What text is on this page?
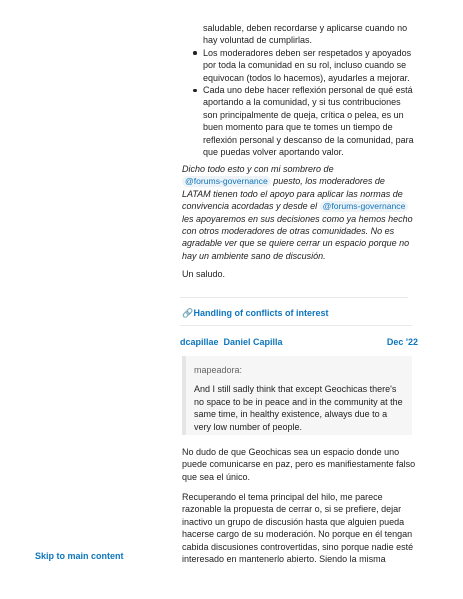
saludable, deben recordarse y aplicarse cuando no hay voluntad de cumplirlas.
Los moderadores deben ser respetados y apoyados por toda la comunidad en su rol, incluso cuando se equivocan (todos lo hacemos), ayudarles a mejorar.
Cada uno debe hacer reflexión personal de qué está aportando a la comunidad, y si tus contribuciones son principalmente de queja, crítica o pelea, es un buen momento para que te tomes un tiempo de reflexión personal y descanso de la comunidad, para que puedas volver aportando valor.

Dicho todo esto y con mi sombrero de
@forums-governance puesto, los moderadores de LATAM tienen todo el apoyo para aplicar las normas de convivencia acordadas y desde el @forums-governance les apoyaremos en sus decisiones como ya hemos hecho con otros moderadores de otras comunidades. No es agradable ver que se quiere cerrar un espacio porque no hay un ambiente sano de discusión.

Un saludo.

🔗 Handling of conflicts of interest
dcapillae Daniel Capilla	Dec '22
mapeadora:
And I still sadly think that except Geochicas there's no space to be in peace and in the community at the same time, in healthy existence, always due to a very low number of people.

No dudo de que Geochicas sea un espacio donde uno puede comunicarse en paz, pero es manifiestamente falso que sea el único.

Recuperando el tema principal del hilo, me parece razonable la propuesta de cerrar o, si se prefiere, dejar inactivo un grupo de discusión hasta que alguien pueda hacerse cargo de su moderación. No porque en él tengan cabida discusiones controvertidas, sino porque nadie esté interesado en mantenerlo abierto. Siendo la misma

Skip to main content
